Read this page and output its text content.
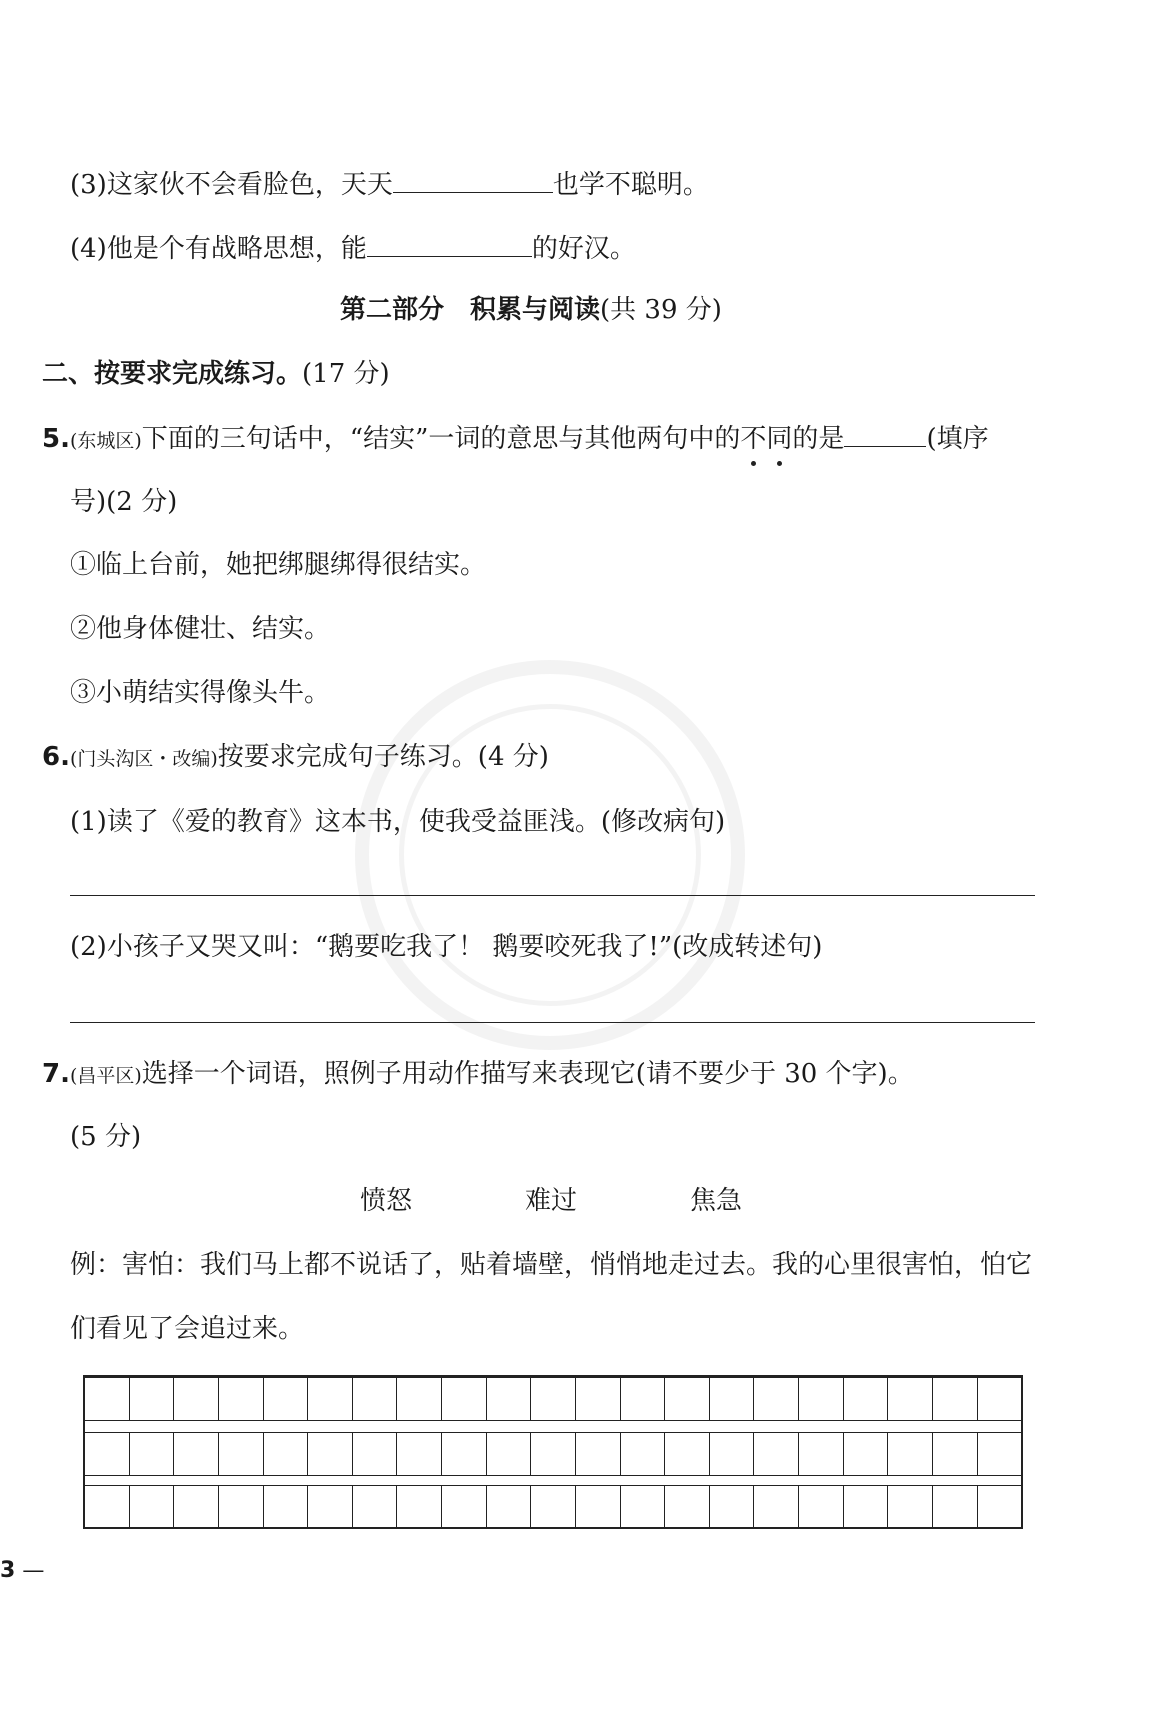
(3)这家伙不会看脸色，天天	也学不聪明。
(4)他是个有战略思想，能	的好汉。
第二部分　积累与阅读(共 39 分)
二、按要求完成练习。(17 分)
5.(东城区)下面的三句话中，“结实”一词的意思与其他两句中的不同的是	(填序
号)(2 分)
①临上台前，她把绑腿绑得很结实。
②他身体健壮、结实。
③小萌结实得像头牛。
6.(门头沟区・改编)按要求完成句子练习。(4 分)
(1)读了《爱的教育》这本书，使我受益匪浅。(修改病句)
(2)小孩子又哭又叫：“鹅要吃我了！ 鹅要咬死我了!”(改成转述句)
7.(昌平区)选择一个词语，照例子用动作描写来表现它(请不要少于 30 个字)。
(5 分)
愤怒	难过	焦急
例：害怕：我们马上都不说话了，贴着墙壁，悄悄地走过去。我的心里很害怕，怕它
们看见了会追过来。
3 —
